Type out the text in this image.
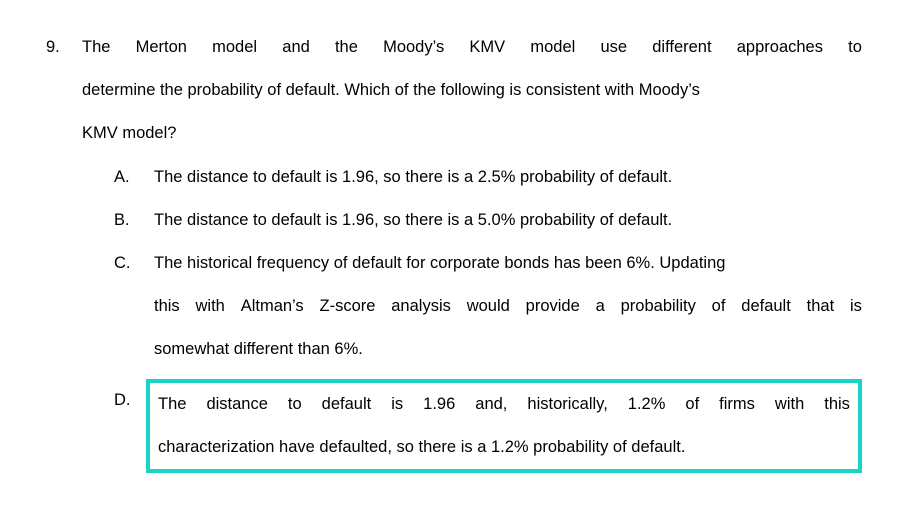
9.	The Merton model and the Moody’s KMV model use different approaches to
determine the probability of default. Which of the following is consistent with Moody’s
KMV model?
A.	The distance to default is 1.96, so there is a 2.5% probability of default.
B.	The distance to default is 1.96, so there is a 5.0% probability of default.
C.	The historical frequency of default for corporate bonds has been 6%. Updating
this with Altman’s Z-score analysis would provide a probability of default that is
somewhat different than 6%.
D.	The distance to default is 1.96 and, historically, 1.2% of firms with this
characterization have defaulted, so there is a 1.2% probability of default.
